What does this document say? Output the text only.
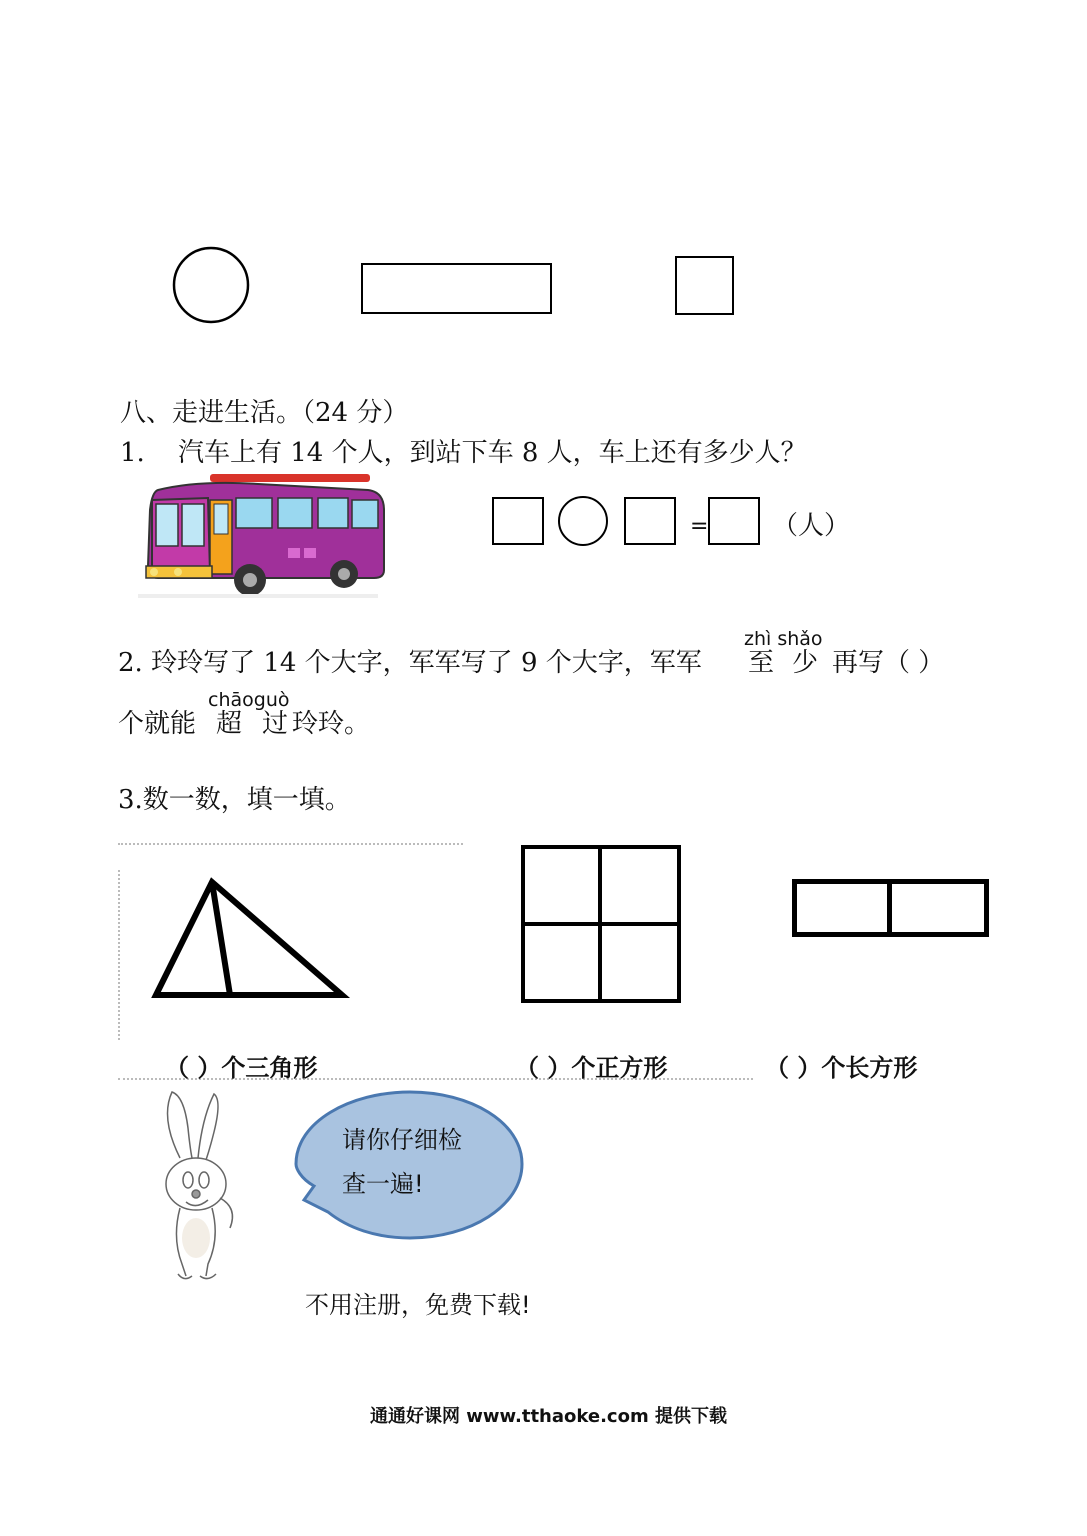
八、走进生活。（24 分）
1. 汽车上有 14 个人，到站下车 8 人，车上还有多少人？
= （人）
zhì shǎo
2. 玲玲写了 14 个大字，军军写了 9 个大字，军军 至 少 再写（ ）
chāoguò
个就能 超 过 玲玲。
3.数一数，填一填。
（ ）个三角形	（ ）个正方形	（ ）个长方形
请你仔细检
查一遍!
不用注册，免费下载!
通通好课网 www.tthaoke.com 提供下载
